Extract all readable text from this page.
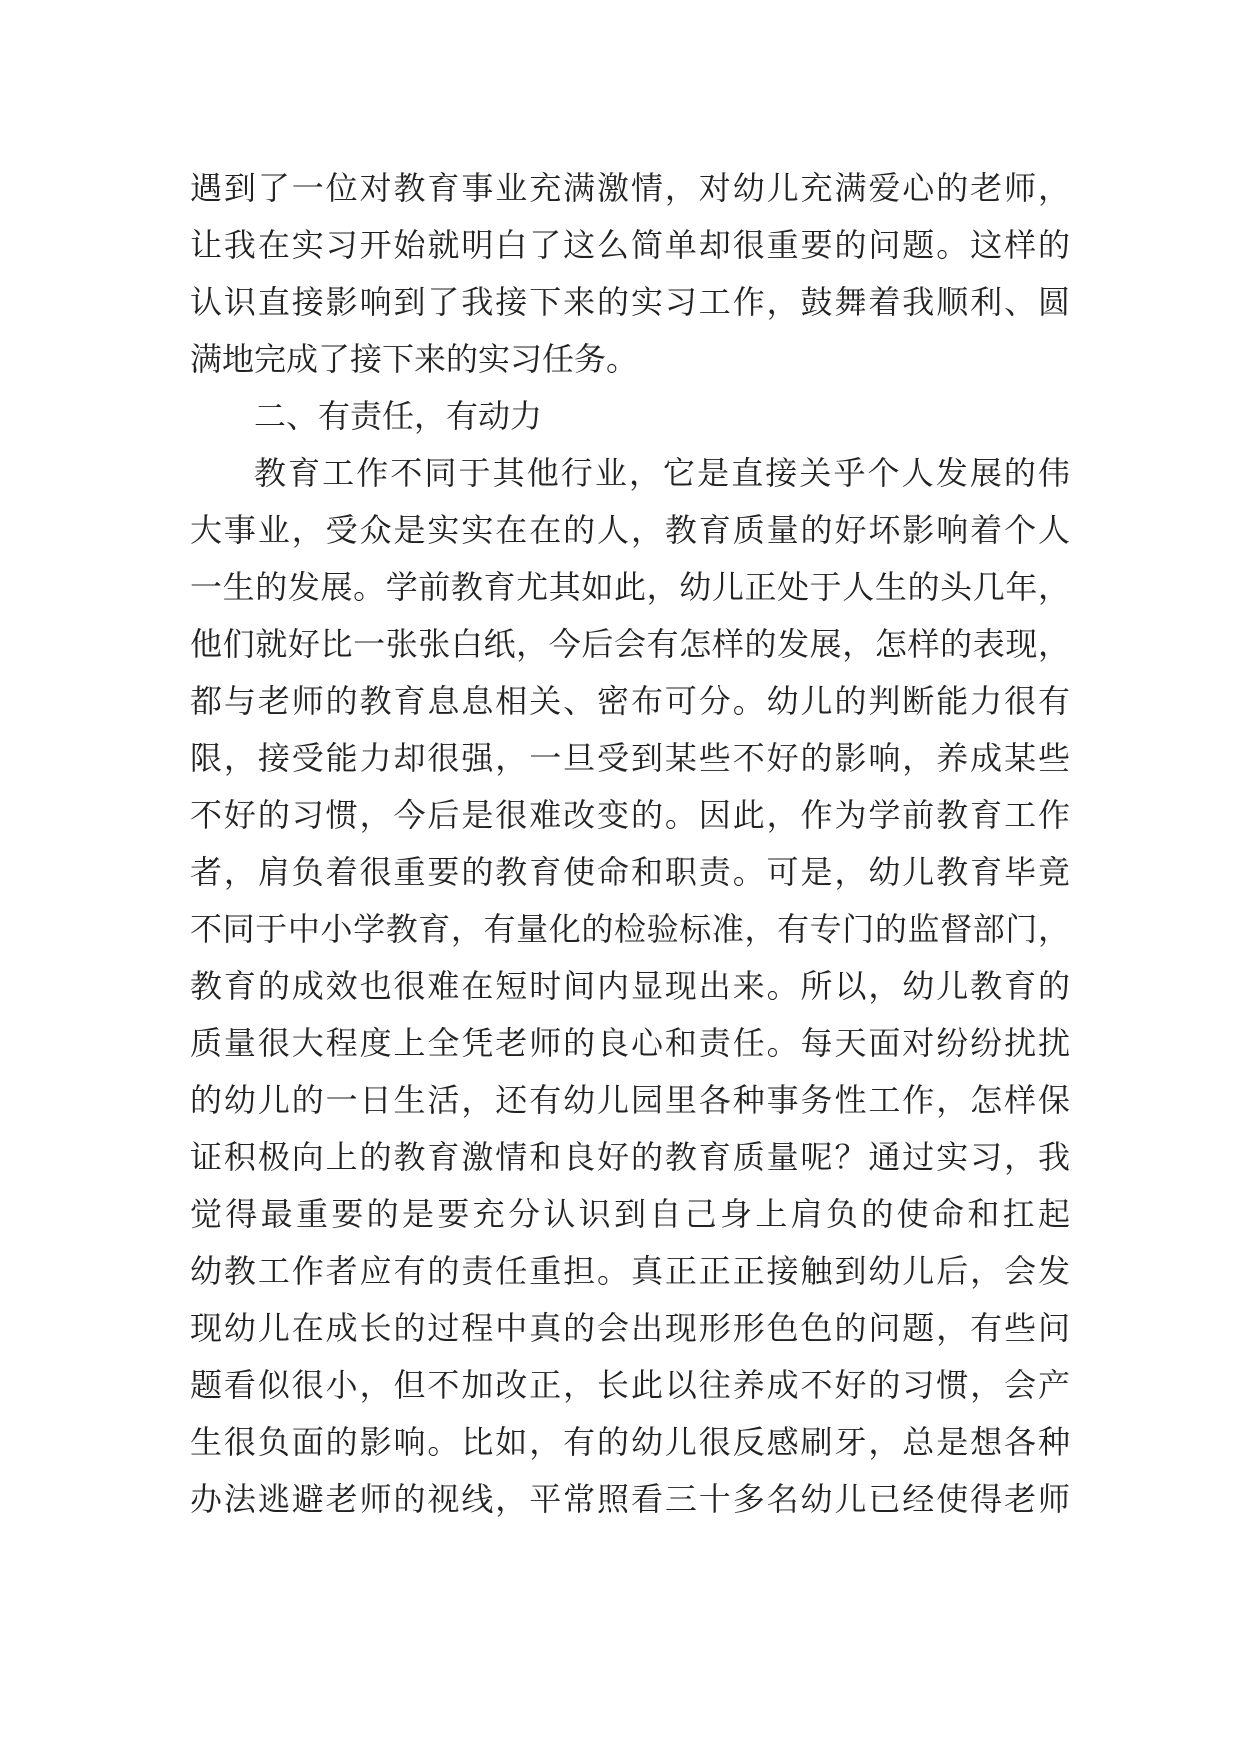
遇到了一位对教育事业充满激情，对幼儿充满爱心的老师，
让我在实习开始就明白了这么简单却很重要的问题。这样的
认识直接影响到了我接下来的实习工作，鼓舞着我顺利、圆
满地完成了接下来的实习任务。
二、有责任，有动力
教育工作不同于其他行业，它是直接关乎个人发展的伟
大事业，受众是实实在在的人，教育质量的好坏影响着个人
一生的发展。学前教育尤其如此，幼儿正处于人生的头几年，
他们就好比一张张白纸，今后会有怎样的发展，怎样的表现，
都与老师的教育息息相关、密布可分。幼儿的判断能力很有
限，接受能力却很强，一旦受到某些不好的影响，养成某些
不好的习惯，今后是很难改变的。因此，作为学前教育工作
者，肩负着很重要的教育使命和职责。可是，幼儿教育毕竟
不同于中小学教育，有量化的检验标准，有专门的监督部门，
教育的成效也很难在短时间内显现出来。所以，幼儿教育的
质量很大程度上全凭老师的良心和责任。每天面对纷纷扰扰
的幼儿的一日生活，还有幼儿园里各种事务性工作，怎样保
证积极向上的教育激情和良好的教育质量呢？通过实习，我
觉得最重要的是要充分认识到自己身上肩负的使命和扛起
幼教工作者应有的责任重担。真正正正接触到幼儿后，会发
现幼儿在成长的过程中真的会出现形形色色的问题，有些问
题看似很小，但不加改正，长此以往养成不好的习惯，会产
生很负面的影响。比如，有的幼儿很反感刷牙，总是想各种
办法逃避老师的视线，平常照看三十多名幼儿已经使得老师
